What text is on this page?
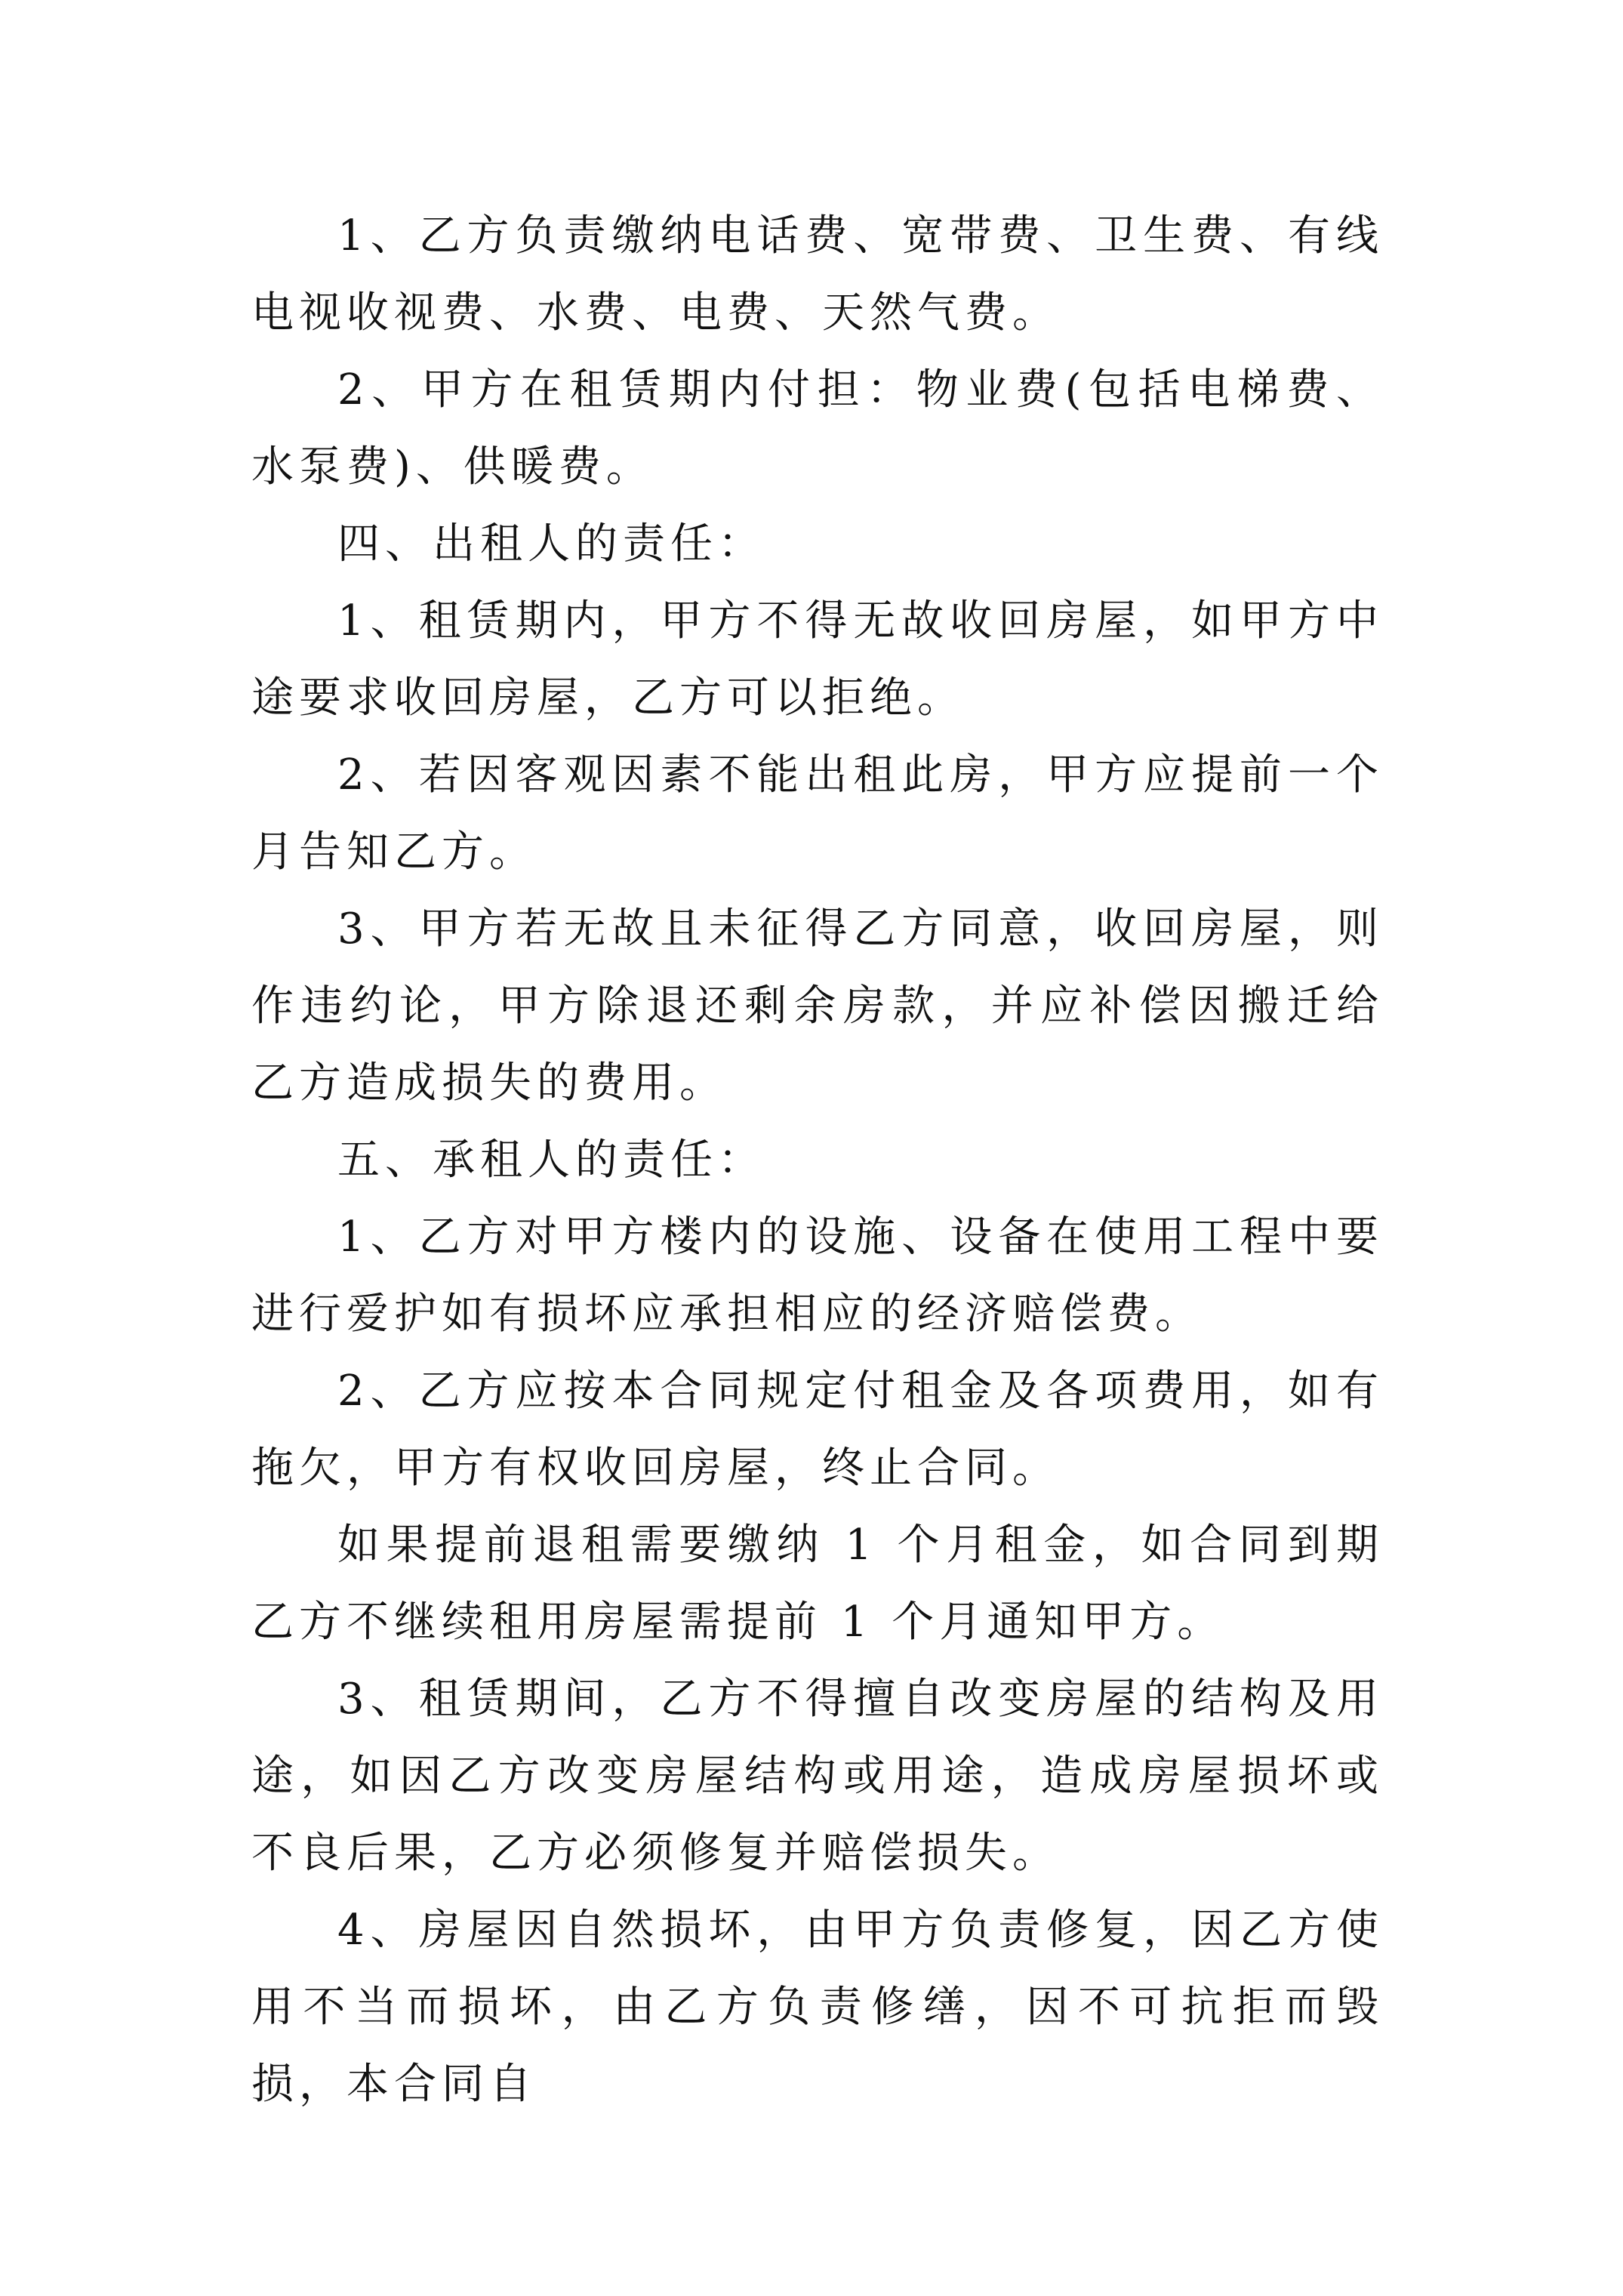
1、乙方负责缴纳电话费、宽带费、卫生费、有线电视收视费、水费、电费、天然气费。

2、甲方在租赁期内付担：物业费(包括电梯费、水泵费)、供暖费。

四、出租人的责任：

1、租赁期内，甲方不得无故收回房屋，如甲方中途要求收回房屋，乙方可以拒绝。

2、若因客观因素不能出租此房，甲方应提前一个月告知乙方。

3、甲方若无故且未征得乙方同意，收回房屋，则作违约论，甲方除退还剩余房款，并应补偿因搬迁给乙方造成损失的费用。

五、承租人的责任：

1、乙方对甲方楼内的设施、设备在使用工程中要进行爱护如有损坏应承担相应的经济赔偿费。

2、乙方应按本合同规定付租金及各项费用，如有拖欠，甲方有权收回房屋，终止合同。

如果提前退租需要缴纳 1 个月租金，如合同到期乙方不继续租用房屋需提前 1 个月通知甲方。

3、租赁期间，乙方不得擅自改变房屋的结构及用途，如因乙方改变房屋结构或用途，造成房屋损坏或不良后果，乙方必须修复并赔偿损失。

4、房屋因自然损坏，由甲方负责修复，因乙方使用不当而损坏，由乙方负责修缮，因不可抗拒而毁损，本合同自
